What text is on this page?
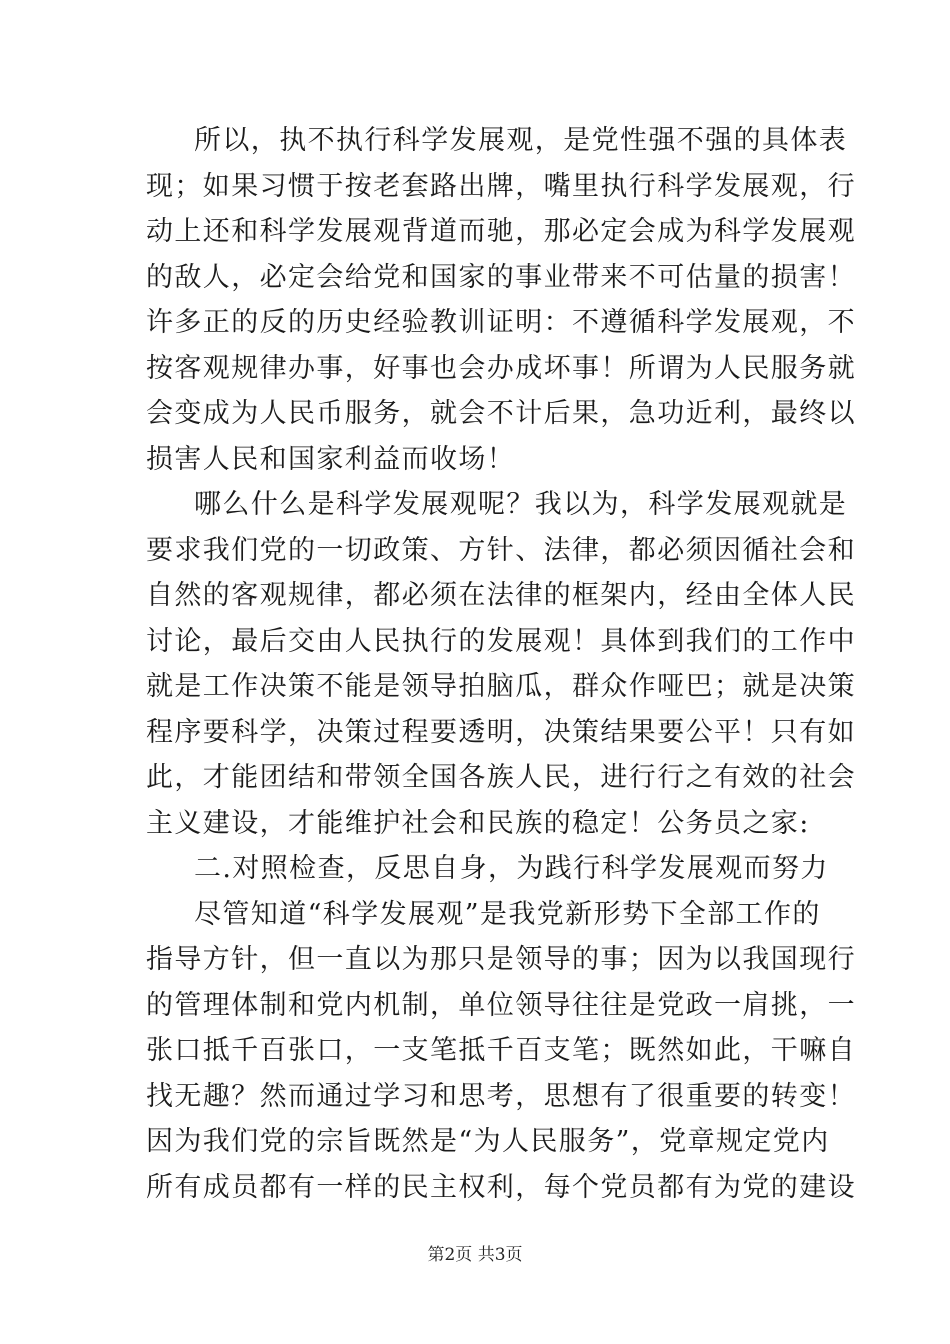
所以，执不执行科学发展观，是党性强不强的具体表
现；如果习惯于按老套路出牌，嘴里执行科学发展观，行
动上还和科学发展观背道而驰，那必定会成为科学发展观
的敌人，必定会给党和国家的事业带来不可估量的损害！
许多正的反的历史经验教训证明：不遵循科学发展观，不
按客观规律办事，好事也会办成坏事！所谓为人民服务就
会变成为人民币服务，就会不计后果，急功近利，最终以
损害人民和国家利益而收场！
哪么什么是科学发展观呢？我以为，科学发展观就是
要求我们党的一切政策、方针、法律，都必须因循社会和
自然的客观规律，都必须在法律的框架内，经由全体人民
讨论，最后交由人民执行的发展观！具体到我们的工作中
就是工作决策不能是领导拍脑瓜，群众作哑巴；就是决策
程序要科学，决策过程要透明，决策结果要公平！只有如
此，才能团结和带领全国各族人民，进行行之有效的社会
主义建设，才能维护社会和民族的稳定！公务员之家:
二.对照检查，反思自身，为践行科学发展观而努力
尽管知道“科学发展观”是我党新形势下全部工作的
指导方针，但一直以为那只是领导的事；因为以我国现行
的管理体制和党内机制，单位领导往往是党政一肩挑，一
张口抵千百张口，一支笔抵千百支笔；既然如此，干嘛自
找无趣？然而通过学习和思考，思想有了很重要的转变！
因为我们党的宗旨既然是“为人民服务”，党章规定党内
所有成员都有一样的民主权利，每个党员都有为党的建设
第2页 共3页
